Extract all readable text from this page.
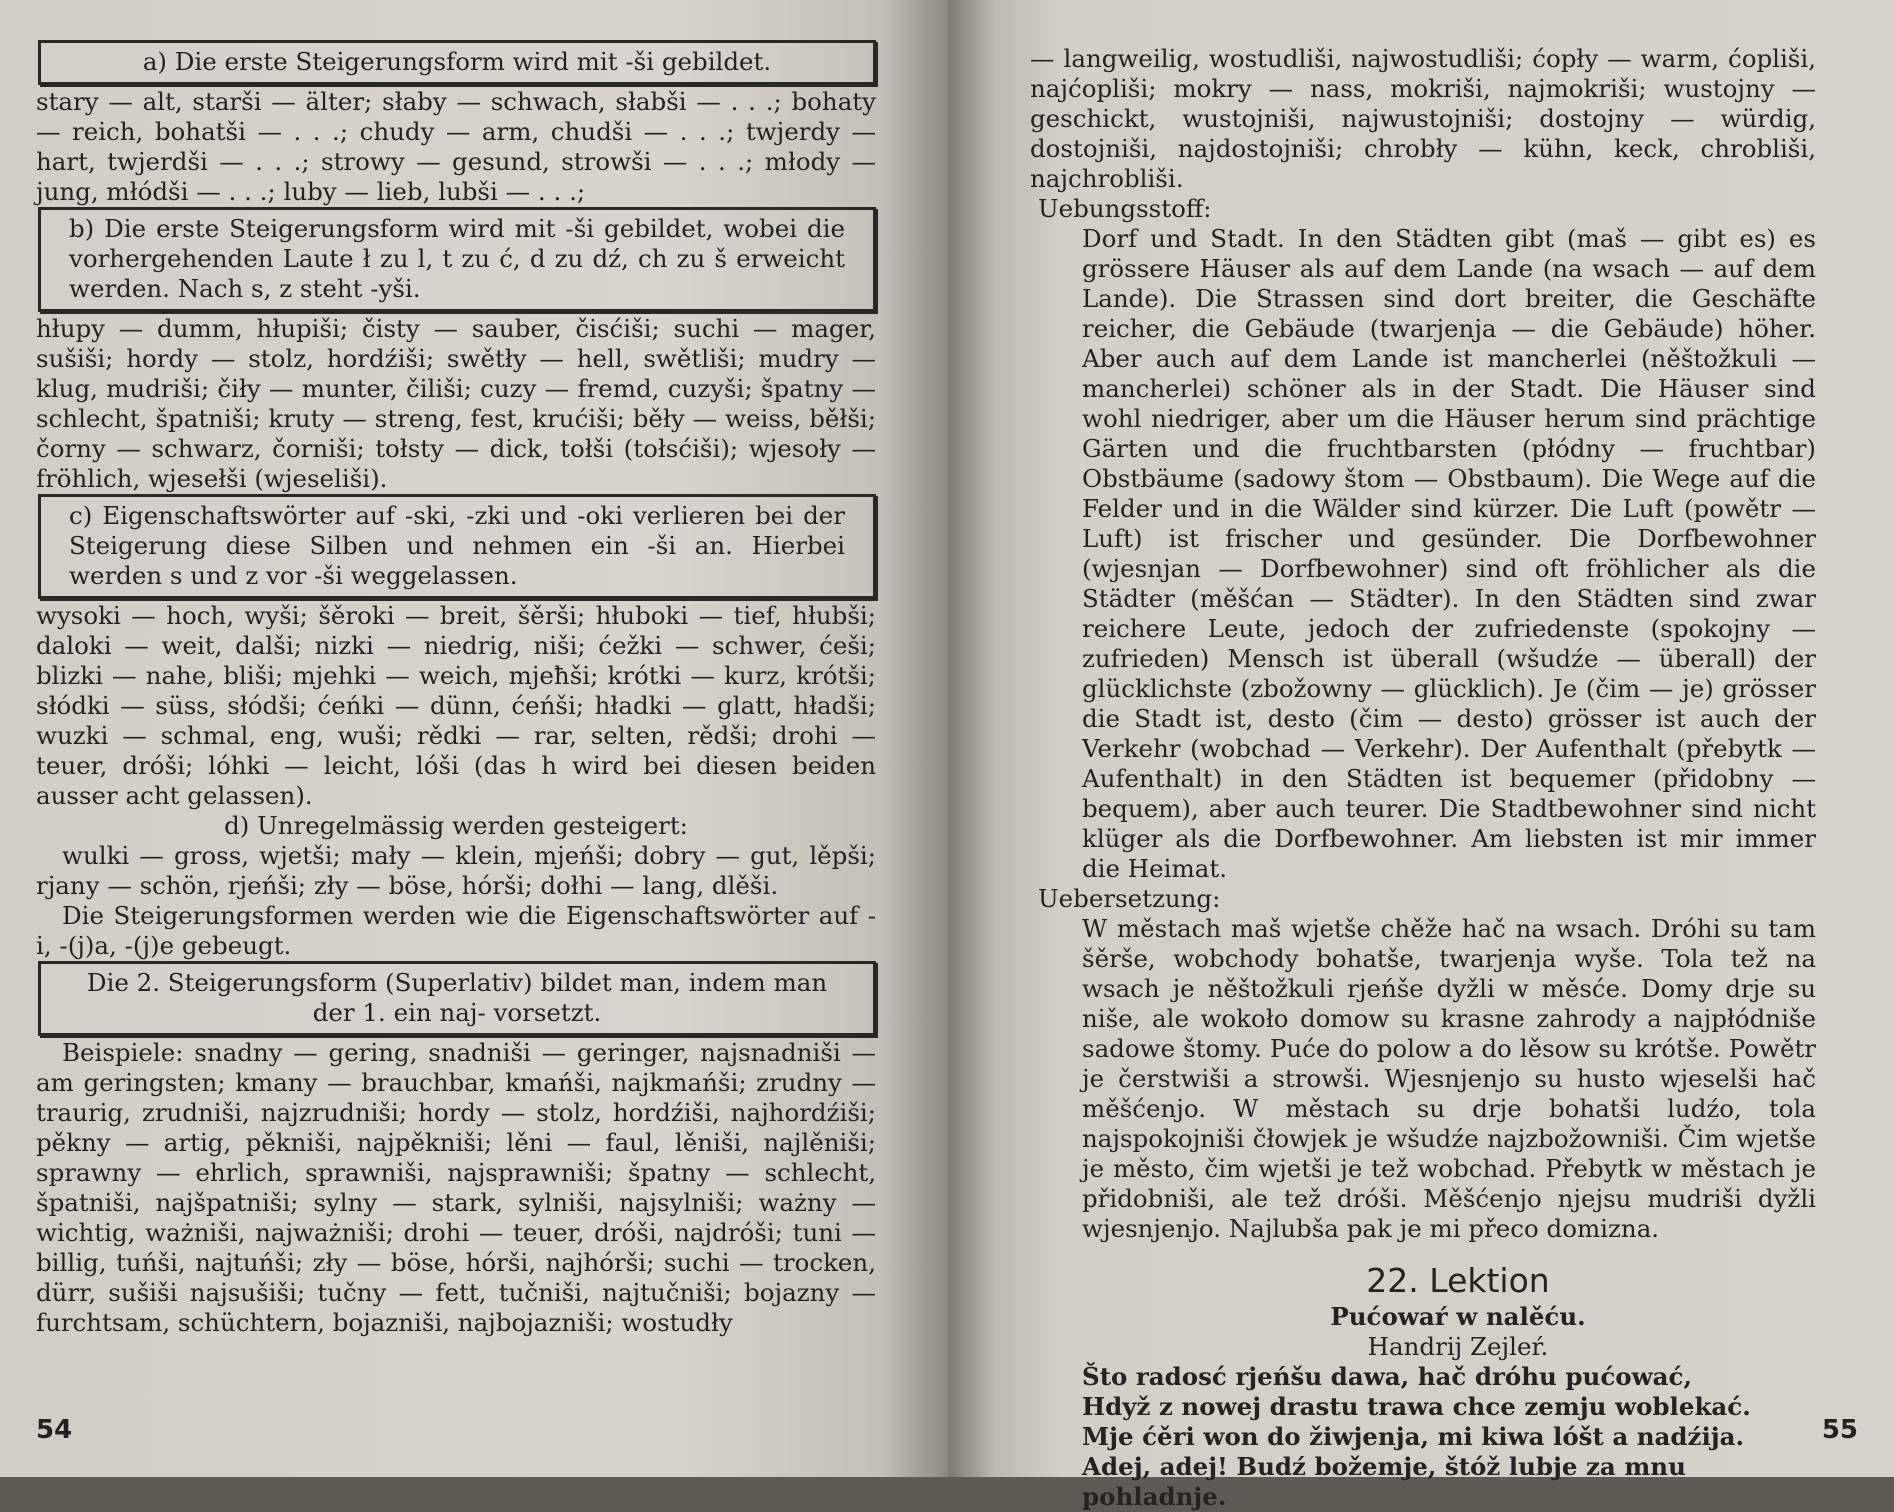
a) Die erste Steigerungsform wird mit -ši gebildet.

stary — alt, starši — älter; słaby — schwach, słabši — . . .; bohaty — reich, bohatši — . . .; chudy — arm, chudši — . . .; twjerdy — hart, twjerdši — . . .; strowy — gesund, strowši — . . .; młody — jung, młódši — . . .; luby — lieb, lubši — . . .;

b) Die erste Steigerungsform wird mit -ši gebildet, wobei die vorhergehenden Laute ł zu l, t zu ć, d zu dź, ch zu š erweicht werden. Nach s, z steht -yši.

hłupy — dumm, hłupiši; čisty — sauber, čisćiši; suchi — mager, sušiši; hordy — stolz, hordźiši; swětły — hell, swětliši; mudry — klug, mudriši; čiły — munter, čiliši; cuzy — fremd, cuzyši; špatny — schlecht, špatniši; kruty — streng, fest, krućiši; běły — weiss, běłši; čorny — schwarz, čorniši; tołsty — dick, tołši (tołsćiši); wjesoły — fröhlich, wjesełši (wjeseliši).

c) Eigenschaftswörter auf -ski, -zki und -oki verlieren bei der Steigerung diese Silben und nehmen ein -ši an. Hierbei werden s und z vor -ši weggelassen.

wysoki — hoch, wyši; šěroki — breit, šěrši; hłuboki — tief, hłubši; daloki — weit, dalši; nizki — niedrig, niši; ćežki — schwer, ćeši; blizki — nahe, bliši; mjehki — weich, mjeħši; krótki — kurz, krótši; słódki — süss, słódši; ćeńki — dünn, ćeńši; hładki — glatt, hładši; wuzki — schmal, eng, wuši; rědki — rar, selten, rědši; drohi — teuer, dróši; lóhki — leicht, lóši (das h wird bei diesen beiden ausser acht gelassen).

d) Unregelmässig werden gesteigert:

wulki — gross, wjetši; mały — klein, mjeńši; dobry — gut, lěpši; rjany — schön, rjeńši; zły — böse, hórši; dołhi — lang, dlěši.

Die Steigerungsformen werden wie die Eigenschaftswörter auf -i, -(j)a, -(j)e gebeugt.

Die 2. Steigerungsform (Superlativ) bildet man, indem man der 1. ein naj- vorsetzt.

Beispiele: snadny — gering, snadniši — geringer, najsnadniši — am geringsten; kmany — brauchbar, kmańši, najkmańši; zrudny — traurig, zrudniši, najzrudniši; hordy — stolz, hordźiši, najhordźiši; pěkny — artig, pěkniši, najpěkniši; lěni — faul, lěniši, najlěniši; sprawny — ehrlich, sprawniši, najsprawniši; špatny — schlecht, špatniši, najšpatniši; sylny — stark, sylniši, najsylniši; ważny — wichtig, ważniši, najważniši; drohi — teuer, dróši, najdróši; tuni — billig, tuńši, najtuńši; zły — böse, hórši, najhórši; suchi — trocken, dürr, sušiši najsušiši; tučny — fett, tučniši, najtučniši; bojazny — furchtsam, schüchtern, bojazniši, najbojazniši; wostudły

54

— langweilig, wostudliši, najwostudliši; ćopły — warm, ćopliši, najćopliši; mokry — nass, mokriši, najmokriši; wustojny — geschickt, wustojniši, najwustojniši; dostojny — würdig, dostojniši, najdostojniši; chrobły — kühn, keck, chrobliši, najchrobliši.

Uebungsstoff:

Dorf und Stadt. In den Städten gibt (maš — gibt es) es grössere Häuser als auf dem Lande (na wsach — auf dem Lande). Die Strassen sind dort breiter, die Geschäfte reicher, die Gebäude (twarjenja — die Gebäude) höher. Aber auch auf dem Lande ist mancherlei (něštožkuli — mancherlei) schöner als in der Stadt. Die Häuser sind wohl niedriger, aber um die Häuser herum sind prächtige Gärten und die fruchtbarsten (płódny — fruchtbar) Obstbäume (sadowy štom — Obstbaum). Die Wege auf die Felder und in die Wälder sind kürzer. Die Luft (powětr — Luft) ist frischer und gesünder. Die Dorfbewohner (wjesnjan — Dorfbewohner) sind oft fröhlicher als die Städter (měšćan — Städter). In den Städten sind zwar reichere Leute, jedoch der zufriedenste (spokojny — zufrieden) Mensch ist überall (wšudźe — überall) der glücklichste (zbožowny — glücklich). Je (čim — je) grösser die Stadt ist, desto (čim — desto) grösser ist auch der Verkehr (wobchad — Verkehr). Der Aufenthalt (přebytk — Aufenthalt) in den Städten ist bequemer (přidobny — bequem), aber auch teurer. Die Stadtbewohner sind nicht klüger als die Dorfbewohner. Am liebsten ist mir immer die Heimat.

Uebersetzung:

W městach maš wjetše chěže hač na wsach. Dróhi su tam šěrše, wobchody bohatše, twarjenja wyše. Tola tež na wsach je něštožkuli rjeńše dyžli w měsće. Domy drje su niše, ale wokoło domow su krasne zahrody a najpłódniše sadowe štomy. Puće do polow a do lěsow su krótše. Powětr je čerstwiši a strowši. Wjesnjenjo su husto wjeselši hač měšćenjo. W městach su drje bohatši ludźo, tola najspokojniši čłowjek je wšudźe najzbožowniši. Čim wjetše je město, čim wjetši je tež wobchad. Přebytk w městach je přidobniši, ale tež dróši. Měšćenjo njejsu mudriši dyžli wjesnjenjo. Najlubša pak je mi přeco domizna.

22. Lektion
Pućowaŕ w nalěću.
Handrij Zejleŕ.
Što radosć rjeńšu dawa, hač dróhu pućować,
Hdyž z nowej drastu trawa chce zemju woblekać.
Mje ćěri won do žiwjenja, mi kiwa lóšt a nadźija.
Adej, adej! Budź božemje, štóž lubje za mnu pohladnje.
55
